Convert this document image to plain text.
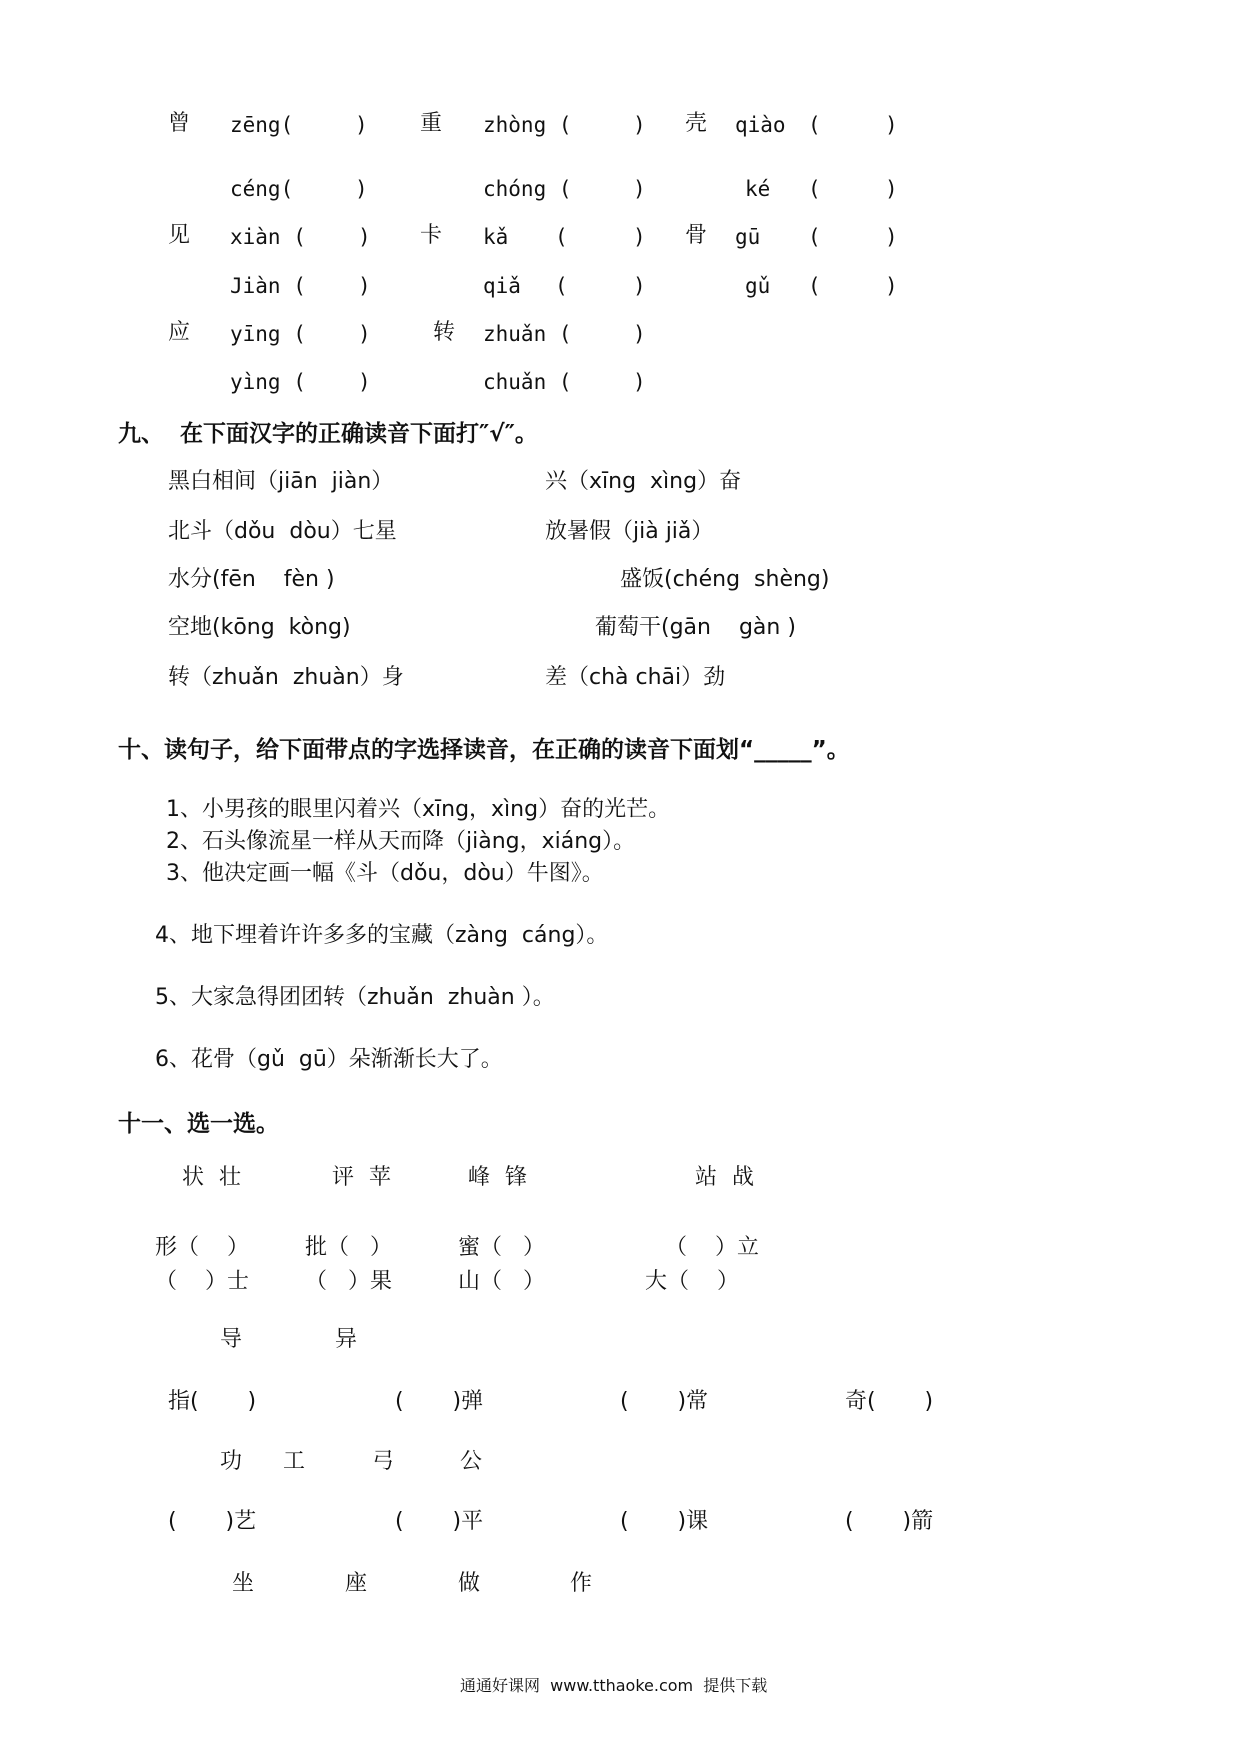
曾 zēng(	) 重 zhòng (	) 壳 qiào (	)
céng(	)	chóng (	)	ké (	)
见 xiàn ( ) 卡 kǎ (	) 骨 gū (	)
Jiàn ( )	qiǎ (	)	gǔ (	)
应 yīng ( )	转 zhuǎn (	)
yìng ( )	chuǎn (	)
九、  在下面汉字的正确读音下面打″√″。
黑白相间（jiān  jiàn）	兴（xīng  xìng）奋
北斗（dǒu  dòu）七星	放暑假（jià jiǎ）
水分(fēn    fèn )	盛饭(chéng  shèng)
空地(kōng  kòng)	葡萄干(gān    gàn )
转（zhuǎn  zhuàn）身	差（chà chāi）劲
十、读句子，给下面带点的字选择读音，在正确的读音下面划“_____”。
1、小男孩的眼里闪着兴（xīng，xìng）奋的光芒。
2、石头像流星一样从天而降（jiàng，xiáng）。
3、他决定画一幅《斗（dǒu，dòu）牛图》。
4、地下埋着许许多多的宝藏（zàng  cáng）。
5、大家急得团团转（zhuǎn  zhuàn ）。
6、花骨（gǔ  gū）朵渐渐长大了。
十一、选一选。
状 壮	评 苹	峰 锋	站 战
形（    ）	批（   ）	蜜（   ）	（    ）立
（    ）士	（   ）果	山（   ）	大（    ）
导	异
指(       )	(       )弹	(       )常	奇(       )
功 工	弓	公
(       )艺	(       )平	(       )课	(       )箭
坐	座	做	作
通通好课网  www.tthaoke.com  提供下载
